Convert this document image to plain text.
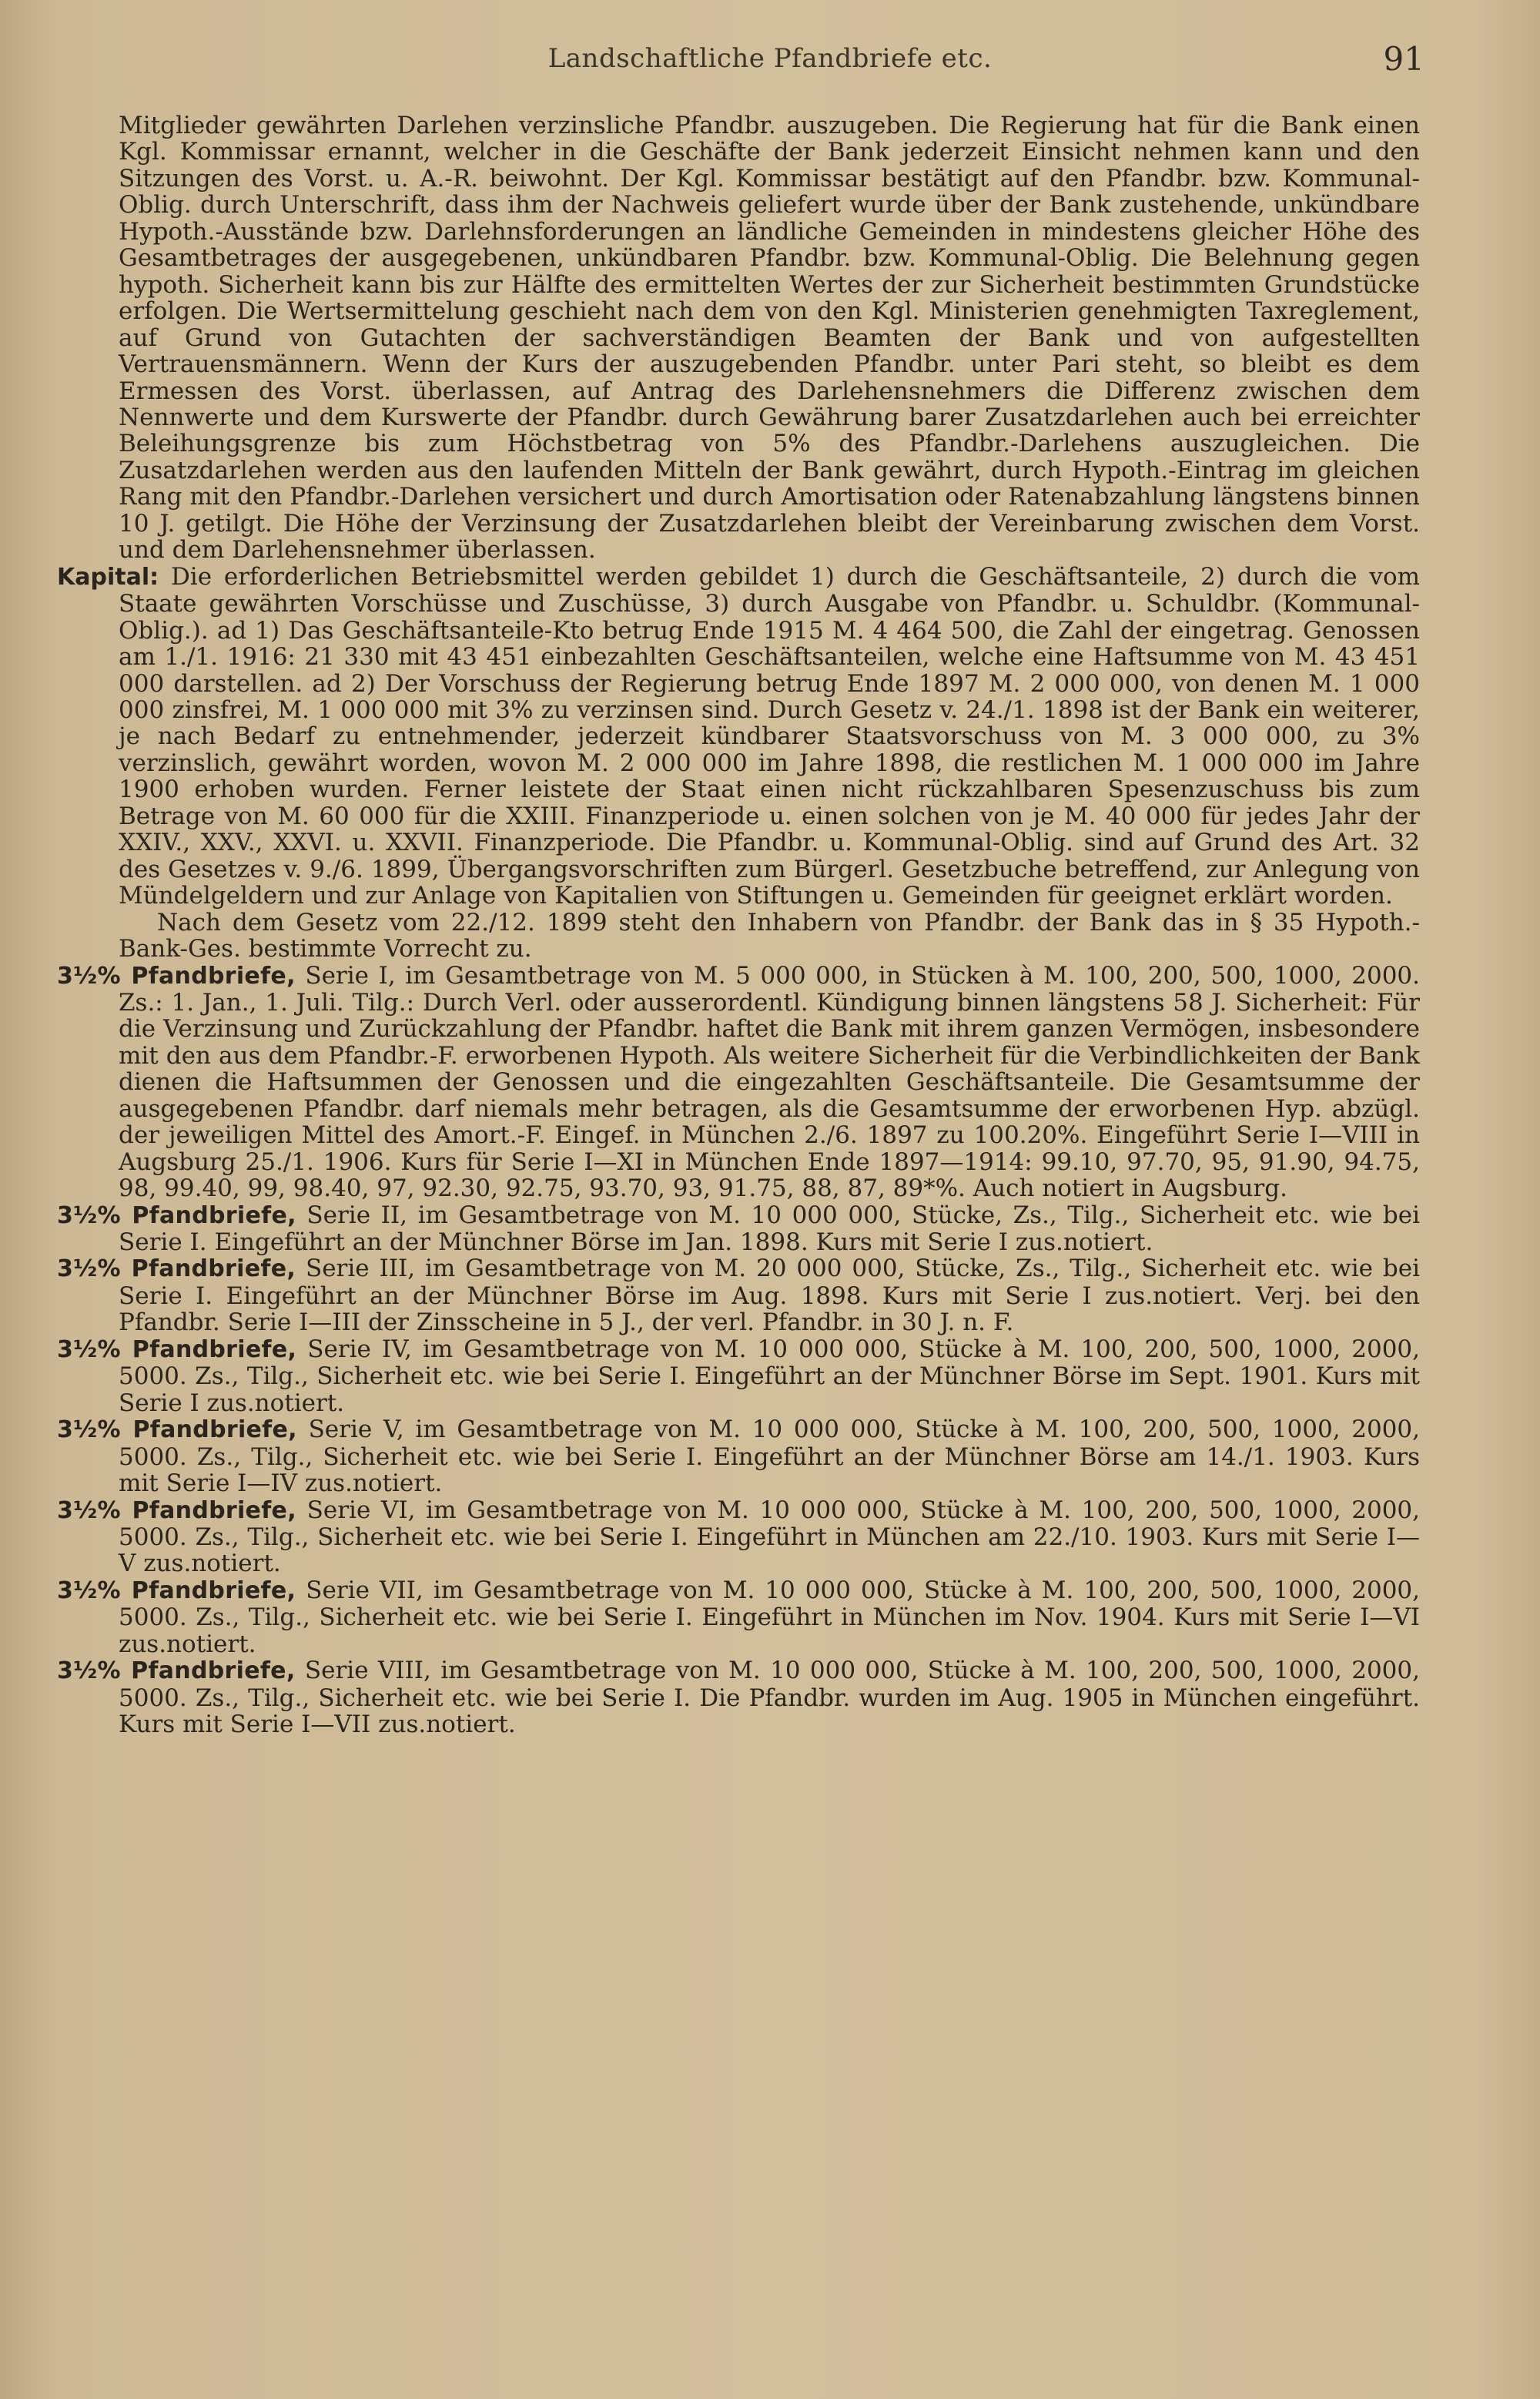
Landschaftliche Pfandbriefe etc.	91

Mitglieder gewährten Darlehen verzinsliche Pfandbr. auszugeben. Die Regierung hat für die Bank einen Kgl. Kommissar ernannt, welcher in die Geschäfte der Bank jederzeit Einsicht nehmen kann und den Sitzungen des Vorst. u. A.-R. beiwohnt. Der Kgl. Kommissar bestätigt auf den Pfandbr. bzw. Kommunal-Oblig. durch Unterschrift, dass ihm der Nachweis geliefert wurde über der Bank zustehende, unkündbare Hypoth.-Ausstände bzw. Darlehnsforderungen an ländliche Gemeinden in mindestens gleicher Höhe des Gesamtbetrages der ausgegebenen, unkündbaren Pfandbr. bzw. Kommunal-Oblig. Die Belehnung gegen hypoth. Sicherheit kann bis zur Hälfte des ermittelten Wertes der zur Sicherheit bestimmten Grundstücke erfolgen. Die Wertsermittelung geschieht nach dem von den Kgl. Ministerien genehmigten Taxreglement, auf Grund von Gutachten der sachverständigen Beamten der Bank und von aufgestellten Vertrauensmännern. Wenn der Kurs der auszugebenden Pfandbr. unter Pari steht, so bleibt es dem Ermessen des Vorst. überlassen, auf Antrag des Darlehensnehmers die Differenz zwischen dem Nennwerte und dem Kurswerte der Pfandbr. durch Gewährung barer Zusatzdarlehen auch bei erreichter Beleihungsgrenze bis zum Höchstbetrag von 5% des Pfandbr.-Darlehens auszugleichen. Die Zusatzdarlehen werden aus den laufenden Mitteln der Bank gewährt, durch Hypoth.-Eintrag im gleichen Rang mit den Pfandbr.-Darlehen versichert und durch Amortisation oder Ratenabzahlung längstens binnen 10 J. getilgt. Die Höhe der Verzinsung der Zusatzdarlehen bleibt der Vereinbarung zwischen dem Vorst. und dem Darlehensnehmer überlassen.

Kapital: Die erforderlichen Betriebsmittel werden gebildet 1) durch die Geschäftsanteile, 2) durch die vom Staate gewährten Vorschüsse und Zuschüsse, 3) durch Ausgabe von Pfandbr. u. Schuldbr. (Kommunal-Oblig.). ad 1) Das Geschäftsanteile-Kto betrug Ende 1915 M. 4 464 500, die Zahl der eingetrag. Genossen am 1./1. 1916: 21 330 mit 43 451 einbezahlten Geschäftsanteilen, welche eine Haftsumme von M. 43 451 000 darstellen. ad 2) Der Vorschuss der Regierung betrug Ende 1897 M. 2 000 000, von denen M. 1 000 000 zinsfrei, M. 1 000 000 mit 3% zu verzinsen sind. Durch Gesetz v. 24./1. 1898 ist der Bank ein weiterer, je nach Bedarf zu entnehmender, jederzeit kündbarer Staatsvorschuss von M. 3 000 000, zu 3% verzinslich, gewährt worden, wovon M. 2 000 000 im Jahre 1898, die restlichen M. 1 000 000 im Jahre 1900 erhoben wurden. Ferner leistete der Staat einen nicht rückzahlbaren Spesenzuschuss bis zum Betrage von M. 60 000 für die XXIII. Finanzperiode u. einen solchen von je M. 40 000 für jedes Jahr der XXIV., XXV., XXVI. u. XXVII. Finanzperiode. Die Pfandbr. u. Kommunal-Oblig. sind auf Grund des Art. 32 des Gesetzes v. 9./6. 1899, Übergangsvorschriften zum Bürgerl. Gesetzbuche betreffend, zur Anlegung von Mündelgeldern und zur Anlage von Kapitalien von Stiftungen u. Gemeinden für geeignet erklärt worden.

Nach dem Gesetz vom 22./12. 1899 steht den Inhabern von Pfandbr. der Bank das in § 35 Hypoth.-Bank-Ges. bestimmte Vorrecht zu.

3½% Pfandbriefe, Serie I, im Gesamtbetrage von M. 5 000 000, in Stücken à M. 100, 200, 500, 1000, 2000. Zs.: 1. Jan., 1. Juli. Tilg.: Durch Verl. oder ausserordentl. Kündigung binnen längstens 58 J. Sicherheit: Für die Verzinsung und Zurückzahlung der Pfandbr. haftet die Bank mit ihrem ganzen Vermögen, insbesondere mit den aus dem Pfandbr.-F. erworbenen Hypoth. Als weitere Sicherheit für die Verbindlichkeiten der Bank dienen die Haftsummen der Genossen und die eingezahlten Geschäftsanteile. Die Gesamtsumme der ausgegebenen Pfandbr. darf niemals mehr betragen, als die Gesamtsumme der erworbenen Hyp. abzügl. der jeweiligen Mittel des Amort.-F. Eingef. in München 2./6. 1897 zu 100.20%. Eingeführt Serie I—VIII in Augsburg 25./1. 1906. Kurs für Serie I—XI in München Ende 1897—1914: 99.10, 97.70, 95, 91.90, 94.75, 98, 99.40, 99, 98.40, 97, 92.30, 92.75, 93.70, 93, 91.75, 88, 87, 89*%. Auch notiert in Augsburg.

3½% Pfandbriefe, Serie II, im Gesamtbetrage von M. 10 000 000, Stücke, Zs., Tilg., Sicherheit etc. wie bei Serie I. Eingeführt an der Münchner Börse im Jan. 1898. Kurs mit Serie I zus.notiert.

3½% Pfandbriefe, Serie III, im Gesamtbetrage von M. 20 000 000, Stücke, Zs., Tilg., Sicherheit etc. wie bei Serie I. Eingeführt an der Münchner Börse im Aug. 1898. Kurs mit Serie I zus.notiert. Verj. bei den Pfandbr. Serie I—III der Zinsscheine in 5 J., der verl. Pfandbr. in 30 J. n. F.

3½% Pfandbriefe, Serie IV, im Gesamtbetrage von M. 10 000 000, Stücke à M. 100, 200, 500, 1000, 2000, 5000. Zs., Tilg., Sicherheit etc. wie bei Serie I. Eingeführt an der Münchner Börse im Sept. 1901. Kurs mit Serie I zus.notiert.

3½% Pfandbriefe, Serie V, im Gesamtbetrage von M. 10 000 000, Stücke à M. 100, 200, 500, 1000, 2000, 5000. Zs., Tilg., Sicherheit etc. wie bei Serie I. Eingeführt an der Münchner Börse am 14./1. 1903. Kurs mit Serie I—IV zus.notiert.

3½% Pfandbriefe, Serie VI, im Gesamtbetrage von M. 10 000 000, Stücke à M. 100, 200, 500, 1000, 2000, 5000. Zs., Tilg., Sicherheit etc. wie bei Serie I. Eingeführt in München am 22./10. 1903. Kurs mit Serie I—V zus.notiert.

3½% Pfandbriefe, Serie VII, im Gesamtbetrage von M. 10 000 000, Stücke à M. 100, 200, 500, 1000, 2000, 5000. Zs., Tilg., Sicherheit etc. wie bei Serie I. Eingeführt in München im Nov. 1904. Kurs mit Serie I—VI zus.notiert.

3½% Pfandbriefe, Serie VIII, im Gesamtbetrage von M. 10 000 000, Stücke à M. 100, 200, 500, 1000, 2000, 5000. Zs., Tilg., Sicherheit etc. wie bei Serie I. Die Pfandbr. wurden im Aug. 1905 in München eingeführt. Kurs mit Serie I—VII zus.notiert.
